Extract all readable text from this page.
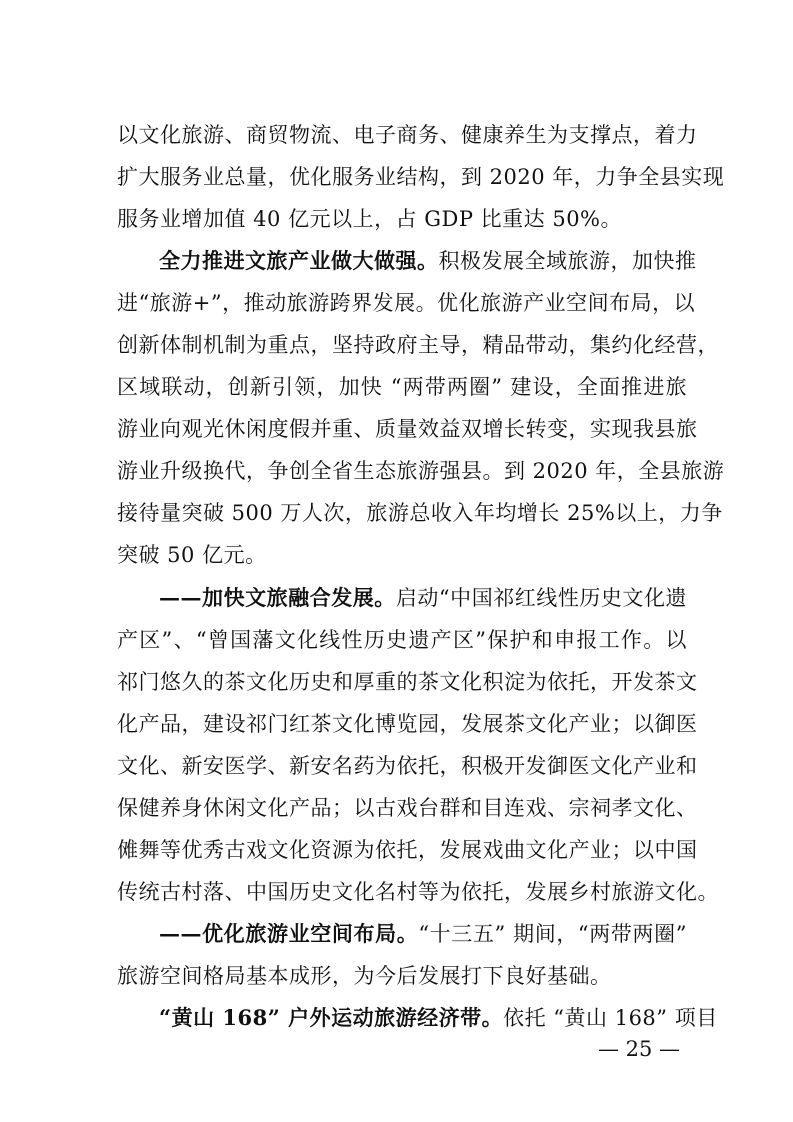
以文化旅游、商贸物流、电子商务、健康养生为支撑点，着力
扩大服务业总量，优化服务业结构，到 2020 年，力争全县实现
服务业增加值 40 亿元以上，占 GDP 比重达 50%。
全力推进文旅产业做大做强。积极发展全域旅游，加快推
进“旅游+”，推动旅游跨界发展。优化旅游产业空间布局，以
创新体制机制为重点，坚持政府主导，精品带动，集约化经营，
区域联动，创新引领，加快 “两带两圈” 建设，全面推进旅
游业向观光休闲度假并重、质量效益双增长转变，实现我县旅
游业升级换代，争创全省生态旅游强县。到 2020 年，全县旅游
接待量突破 500 万人次，旅游总收入年均增长 25%以上，力争
突破 50 亿元。
——加快文旅融合发展。启动“中国祁红线性历史文化遗
产区”、“曾国藩文化线性历史遗产区”保护和申报工作。以
祁门悠久的茶文化历史和厚重的茶文化积淀为依托，开发茶文
化产品，建设祁门红茶文化博览园，发展茶文化产业；以御医
文化、新安医学、新安名药为依托，积极开发御医文化产业和
保健养身休闲文化产品；以古戏台群和目连戏、宗祠孝文化、
傩舞等优秀古戏文化资源为依托，发展戏曲文化产业；以中国
传统古村落、中国历史文化名村等为依托，发展乡村旅游文化。
——优化旅游业空间布局。“十三五” 期间，“两带两圈”
旅游空间格局基本成形，为今后发展打下良好基础。
“黄山 168” 户外运动旅游经济带。依托 “黄山 168” 项目
— 25 —
